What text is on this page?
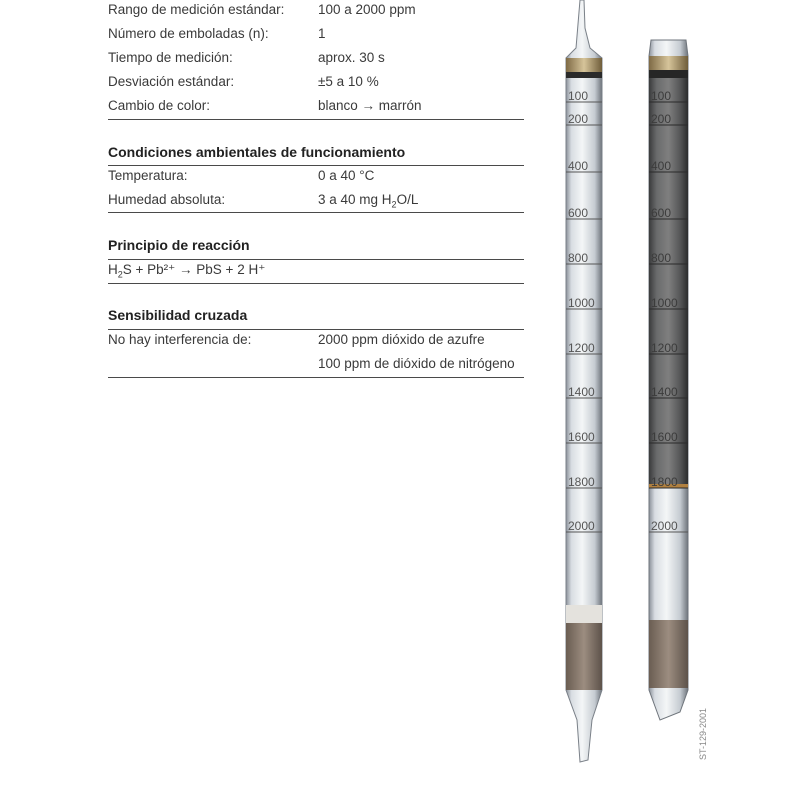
Rango de medición estándar: 100 a 2000 ppm
Número de emboladas (n):	1
Tiempo de medición:	aprox. 30 s
Desviación estándar:	±5 a 10 %
Cambio de color:	blanco → marrón
Condiciones ambientales de funcionamiento
Temperatura:	0 a 40 °C
Humedad absoluta:	3 a 40 mg $H_2O/L$
Principio de reacción
$H_2S + Pb^{2+}$ → PbS + 2 H⁺
Sensibilidad cruzada
No hay interferencia de:	2000 ppm dióxido de azufre
100 ppm de dióxido de nitrógeno
100	100
200	200
400	400
600	600
800	800
1000	1000
1200	1200
1400	1400
1600	1600
1800	1800
2000	2000
ST-129-2001
